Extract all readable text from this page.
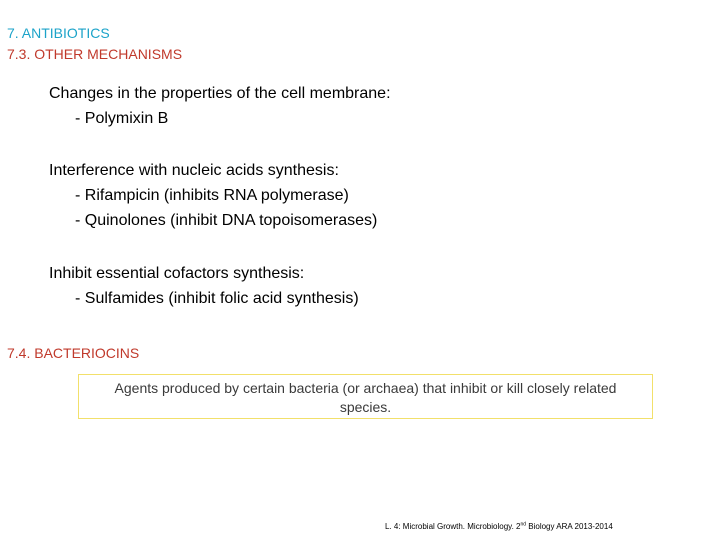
7. ANTIBIOTICS
7.3. OTHER MECHANISMS
Changes in the properties of the cell membrane:
- Polymixin B
Interference with nucleic acids synthesis:
- Rifampicin (inhibits RNA polymerase)
- Quinolones (inhibit DNA topoisomerases)
Inhibit essential cofactors synthesis:
- Sulfamides (inhibit folic acid synthesis)
7.4. BACTERIOCINS
Agents produced by certain bacteria (or archaea) that inhibit or kill closely related species.
L. 4: Microbial Growth. Microbiology. 2nd Biology ARA 2013-2014
